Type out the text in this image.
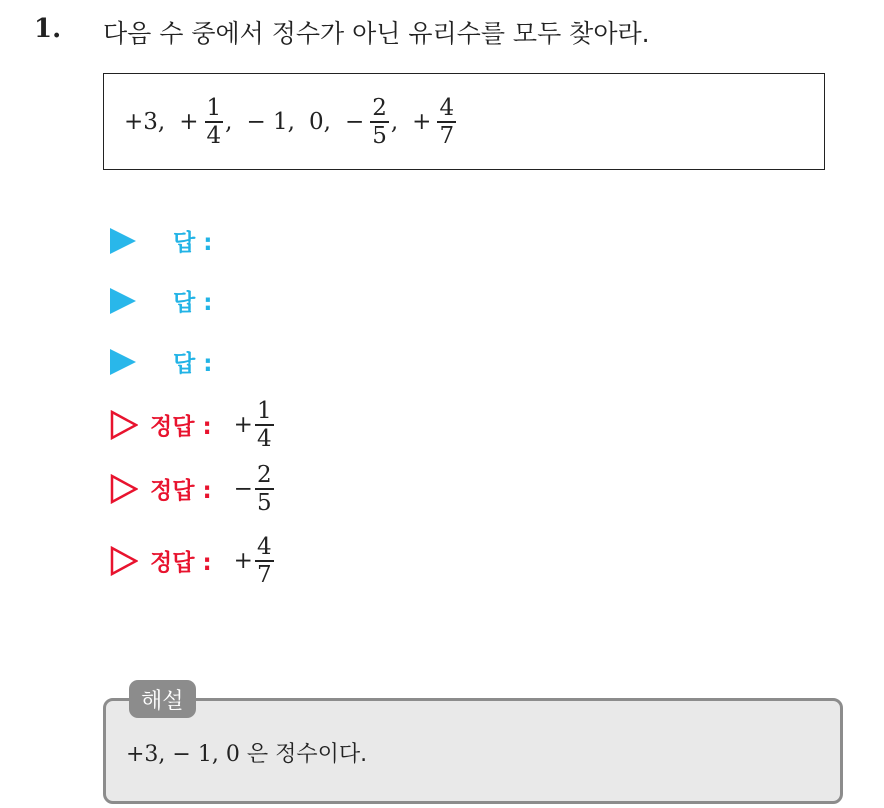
1. 다음 수 중에서 정수가 아닌 유리수를 모두 찾아라.
+3 , + $\frac{1}{4}$ , − 1 , 0 , − $\frac{2}{5}$ , + $\frac{4}{7}$
답 :
답 :
답 :
정답 : + $\frac{1}{4}$
정답 : − $\frac{2}{5}$
정답 : + $\frac{4}{7}$
+3, − 1, 0 은 정수이다.
해설
